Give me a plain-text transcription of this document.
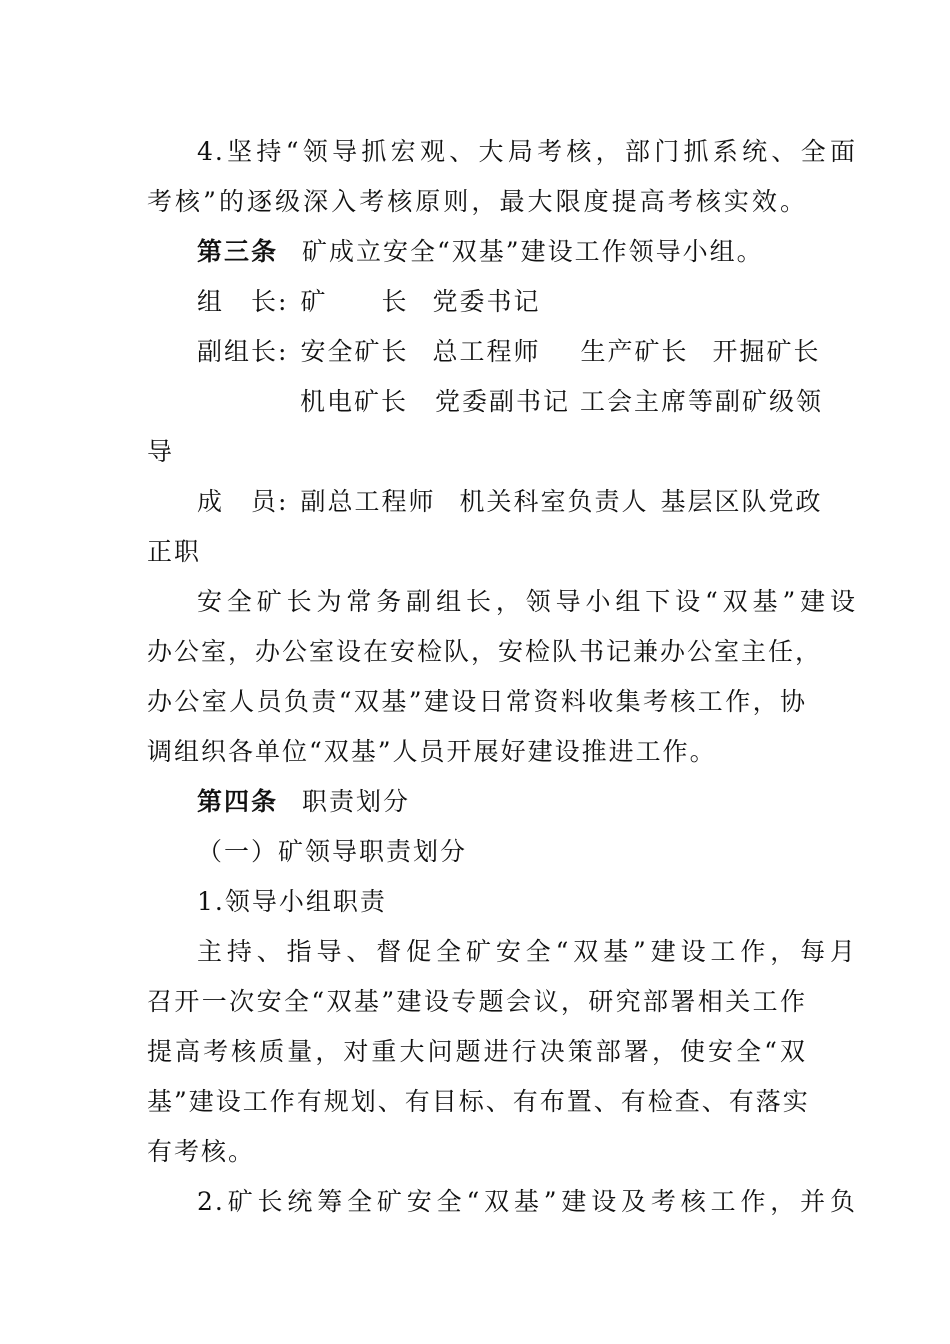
4.坚持“领导抓宏观、大局考核，部门抓系统、全面
考核”的逐级深入考核原则，最大限度提高考核实效。
第三条 矿成立安全“双基”建设工作领导小组。
组　长: 矿　　长 党委书记
副组长: 安全矿长 总工程师 生产矿长 开掘矿长
机电矿长　党委副书记 工会主席等副矿级领
导
成　员: 副总工程师 机关科室负责人 基层区队党政
正职
安全矿长为常务副组长，领导小组下设“双基”建设
办公室，办公室设在安检队，安检队书记兼办公室主任，
办公室人员负责“双基”建设日常资料收集考核工作，协
调组织各单位“双基”人员开展好建设推进工作。
第四条 职责划分
（一）矿领导职责划分
1.领导小组职责
主持、指导、督促全矿安全“双基”建设工作，每月
召开一次安全“双基”建设专题会议，研究部署相关工作
提高考核质量，对重大问题进行决策部署，使安全“双
基”建设工作有规划、有目标、有布置、有检查、有落实
有考核。
2.矿长统筹全矿安全“双基”建设及考核工作，并负
